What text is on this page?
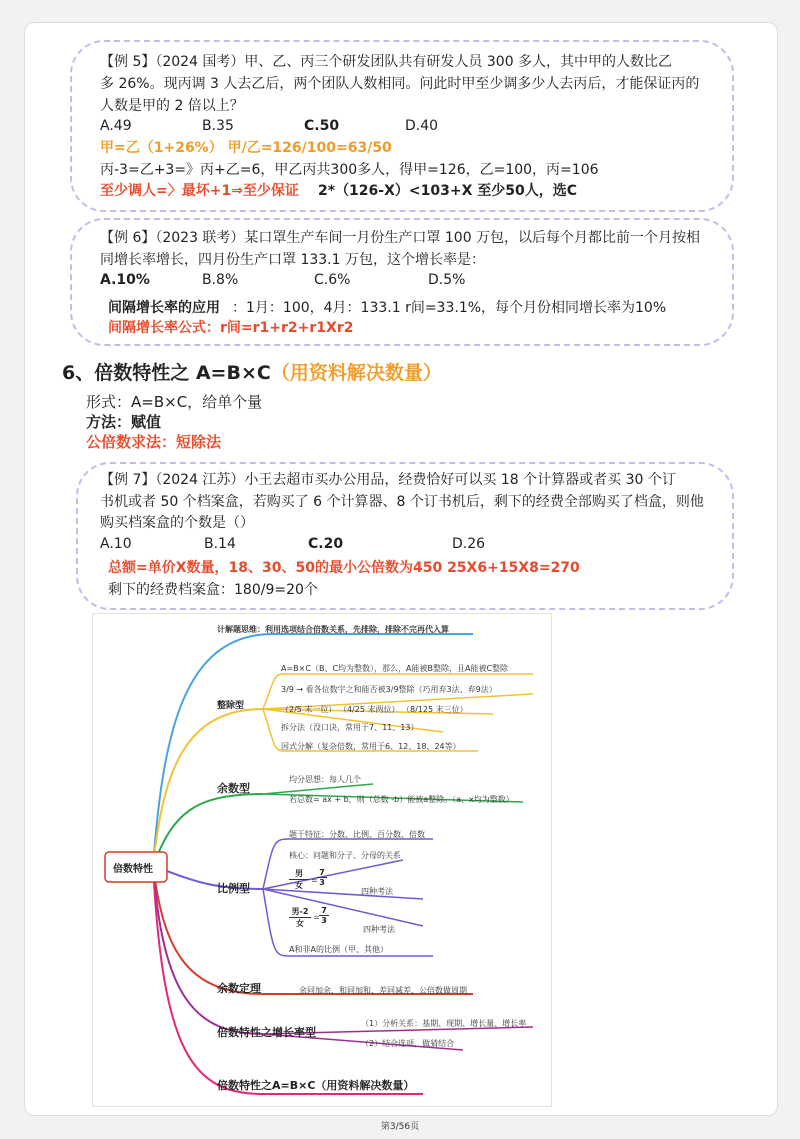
【例 5】（2024 国考）甲、乙、丙三个研发团队共有研发人员 300 多人，其中甲的人数比乙
多 26%。现丙调 3 人去乙后，两个团队人数相同。问此时甲至少调多少人去丙后，才能保证丙的
人数是甲的 2 倍以上？
A.49	B.35	C.50	D.40
甲=乙（1+26%） 甲/乙=126/100=63/50
丙-3=乙+3=》丙+乙=6，甲乙丙共300多人，得甲=126，乙=100，丙=106
至少调人=〉最坏+1⇒至少保证 2*（126-X）<103+X 至少50人，选C
【例 6】（2023 联考）某口罩生产车间一月份生产口罩 100 万包，以后每个月都比前一个月按相
同增长率增长，四月份生产口罩 133.1 万包，这个增长率是：
A.10%	B.8%	C.6%	D.5%
间隔增长率的应用 ：1月：100，4月：133.1 r间=33.1%，每个月份相同增长率为10%
间隔增长率公式：r间=r1+r2+r1Xr2
6、倍数特性之 A=B×C（用资料解决数量）
形式：A=B×C，给单个量
方法：赋值
公倍数求法：短除法
【例 7】（2024 江苏）小王去超市买办公用品，经费恰好可以买 18 个计算器或者买 30 个订
书机或者 50 个档案盒，若购买了 6 个计算器、8 个订书机后，剩下的经费全部购买了档盒，则他
购买档案盒的个数是（）
A.10	B.14	C.20	D.26
总额=单价X数量，18、30、50的最小公倍数为450 25X6+15X8=270
剩下的经费档案盒：180/9=20个
倍数特性
计解题思维：利用选项结合倍数关系，先排除，排除不完再代入算
整除型
A=B×C（B、C均为整数），那么，A能被B整除，且A能被C整除
3/9 → 看各位数字之和能否被3/9整除（巧用弃3法、弃9法）
（2/5 末一位） （4/25 末两位） （8/125 末三位）
拆分法（没口诀，常用于7、11、13）
因式分解（复杂倍数，常用于6、12、18、24等）
余数型
均分思想：每人几个
若总数= ax + b，则（总数 -b）能被a整除。（a、x均为整数）
比例型
题干特征：分数、比例、百分数、倍数
核心：问题和分子、分母的关系
男
女
= $\frac{7}{3}$
四种考法
男-2
女
= $\frac{7}{3}$
四种考法
A和非A的比例（甲、其他）
余数定理	余同加余，和同加和，差同减差，公倍数做周期
倍数特性之增长率型
（1）分析关系：基期、现期、增长量、增长率
（2）结合选项，做猜结合
倍数特性之A=B×C（用资料解决数量）
第3/56页
